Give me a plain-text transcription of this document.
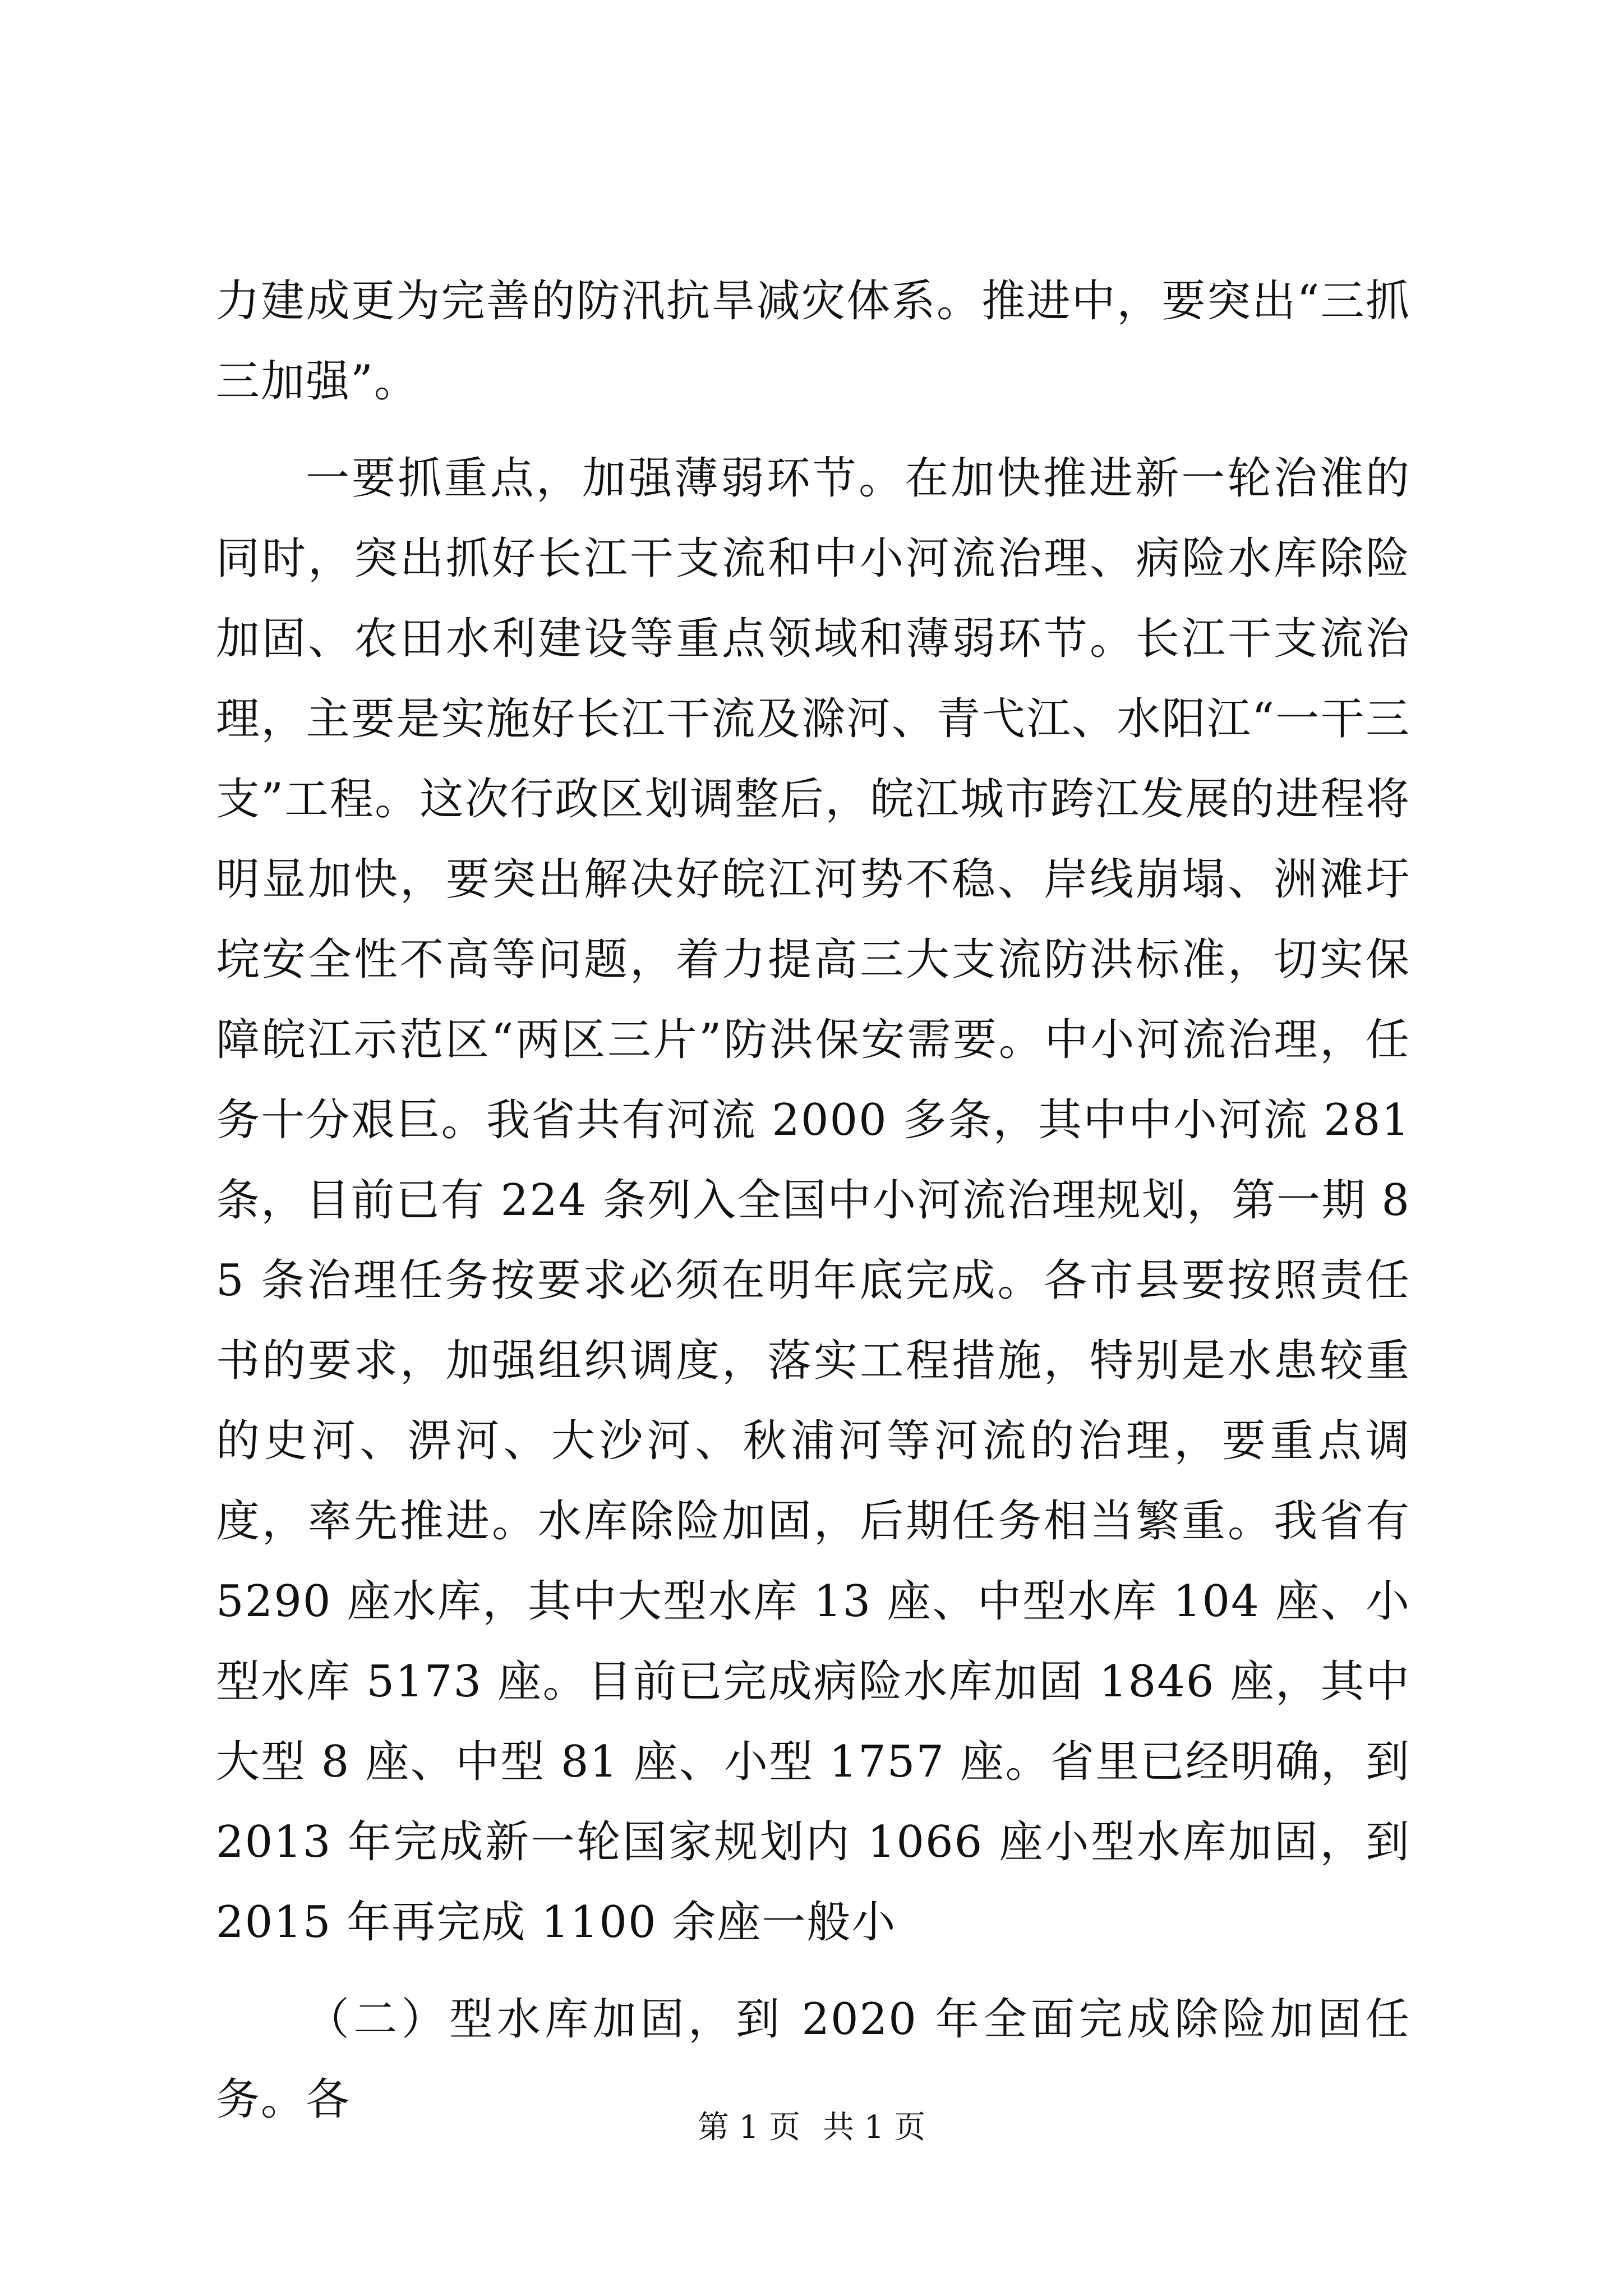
力建成更为完善的防汛抗旱减灾体系。推进中，要突出“三抓三加强”。

一要抓重点，加强薄弱环节。在加快推进新一轮治淮的同时，突出抓好长江干支流和中小河流治理、病险水库除险加固、农田水利建设等重点领域和薄弱环节。长江干支流治理，主要是实施好长江干流及滁河、青弋江、水阳江“一干三支”工程。这次行政区划调整后，皖江城市跨江发展的进程将明显加快，要突出解决好皖江河势不稳、岸线崩塌、洲滩圩垸安全性不高等问题，着力提高三大支流防洪标准，切实保障皖江示范区“两区三片”防洪保安需要。中小河流治理，任务十分艰巨。我省共有河流 2000 多条，其中中小河流 281 条，目前已有 224 条列入全国中小河流治理规划，第一期 85 条治理任务按要求必须在明年底完成。各市县要按照责任书的要求，加强组织调度，落实工程措施，特别是水患较重的史河、淠河、大沙河、秋浦河等河流的治理，要重点调度，率先推进。水库除险加固，后期任务相当繁重。我省有 5290 座水库，其中大型水库 13 座、中型水库 104 座、小型水库 5173 座。目前已完成病险水库加固 1846 座，其中大型 8 座、中型 81 座、小型 1757 座。省里已经明确，到 2013 年完成新一轮国家规划内 1066 座小型水库加固，到 2015 年再完成 1100 余座一般小

（二）型水库加固，到 2020 年全面完成除险加固任务。各

第 1 页 共 1 页
